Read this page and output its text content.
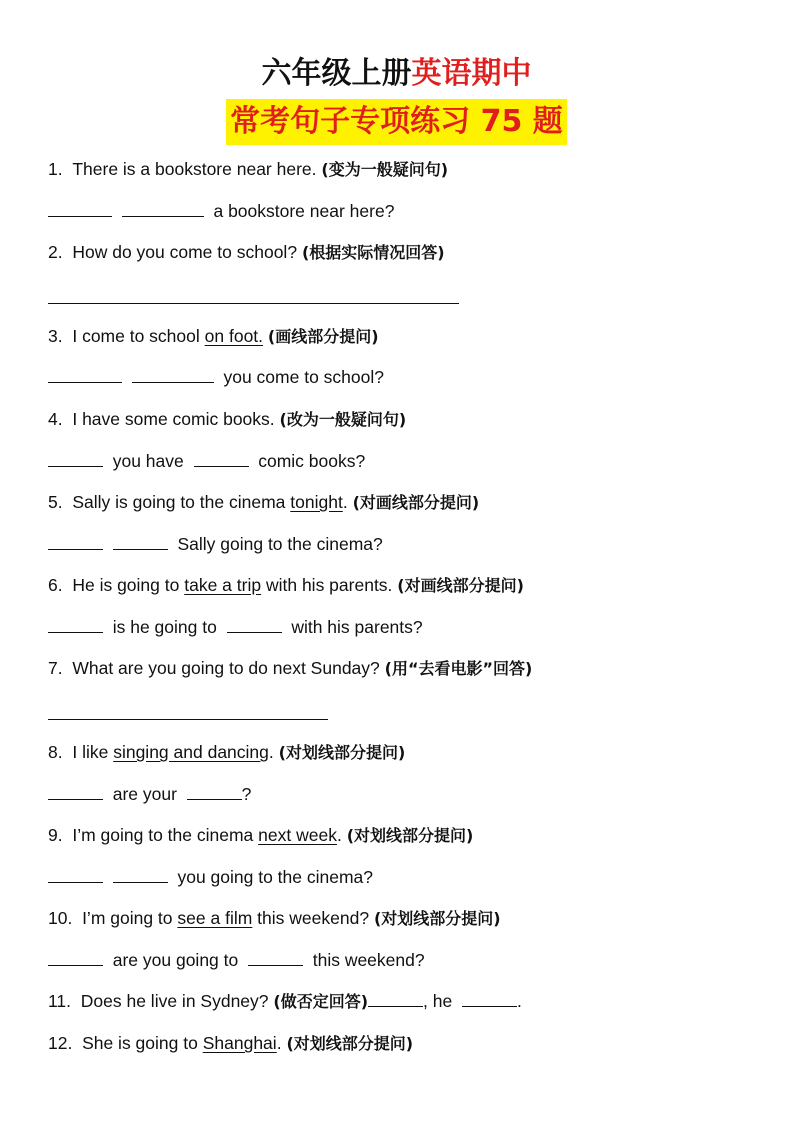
六年级上册英语期中
常考句子专项练习 75 题
1. There is a bookstore near here. (变为一般疑问句)
a bookstore near here?
2. How do you come to school? (根据实际情况回答)
3. I come to school on foot. (画线部分提问)
you come to school?
4. I have some comic books. (改为一般疑问句)
you have	comic books?
5. Sally is going to the cinema tonight. (对画线部分提问)
Sally going to the cinema?
6. He is going to take a trip with his parents. (对画线部分提问)
is he going to	with his parents?
7. What are you going to do next Sunday? (用“去看电影”回答)
8. I like singing and dancing. (对划线部分提问)
are your	?
9. I’m going to the cinema next week. (对划线部分提问)
you going to the cinema?
10. I’m going to see a film this weekend? (对划线部分提问)
are you going to	this weekend?
11. Does he live in Sydney? (做否定回答)	, he	.
12. She is going to Shanghai. (对划线部分提问)
